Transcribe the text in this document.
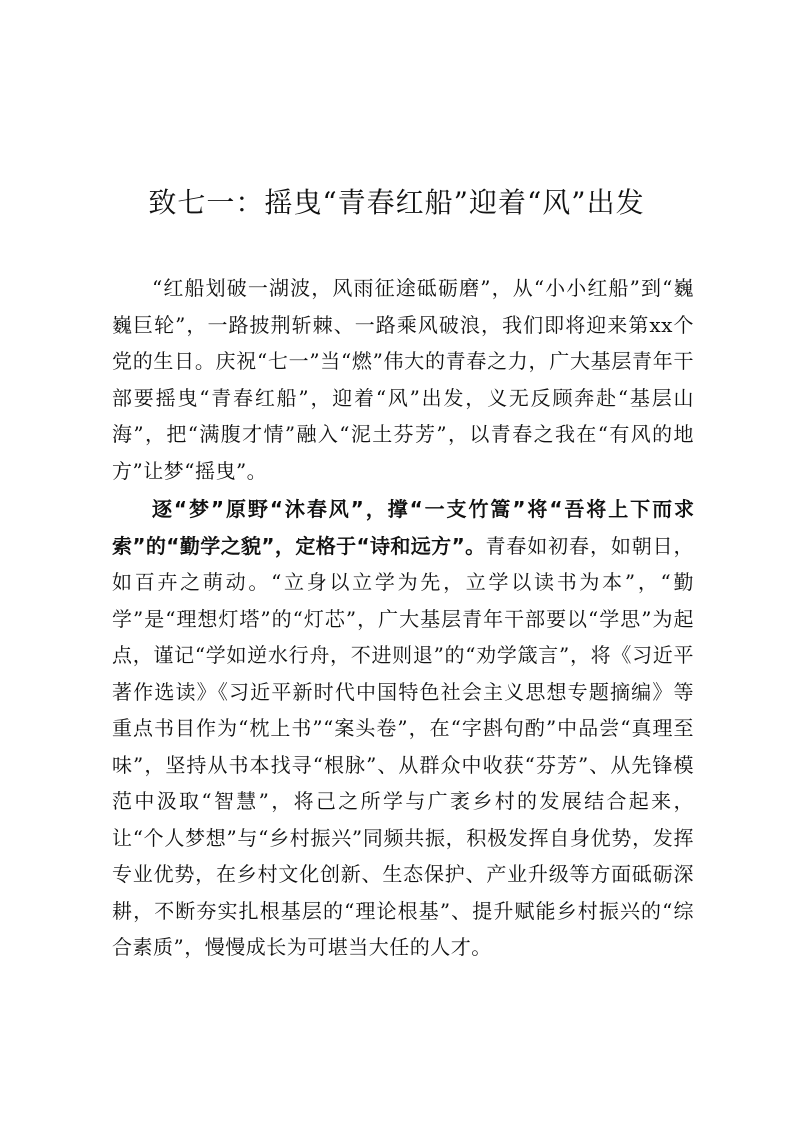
致七一：摇曳“青春红船”迎着“风”出发

“红船划破一湖波，风雨征途砥砺磨”，从“小小红船”到“巍巍巨轮”，一路披荆斩棘、一路乘风破浪，我们即将迎来第xx个党的生日。庆祝“七一”当“燃”伟大的青春之力，广大基层青年干部要摇曳“青春红船”，迎着“风”出发，义无反顾奔赴“基层山海”，把“满腹才情”融入“泥土芬芳”，以青春之我在“有风的地方”让梦“摇曳”。

逐“梦”原野“沐春风”，撑“一支竹篙”将“吾将上下而求索”的“勤学之貌”，定格于“诗和远方”。青春如初春，如朝日，如百卉之萌动。“立身以立学为先，立学以读书为本”，“勤学”是“理想灯塔”的“灯芯”，广大基层青年干部要以“学思”为起点，谨记“学如逆水行舟，不进则退”的“劝学箴言”，将《习近平著作选读》《习近平新时代中国特色社会主义思想专题摘编》等重点书目作为“枕上书”“案头卷”，在“字斟句酌”中品尝“真理至味”，坚持从书本找寻“根脉”、从群众中收获“芬芳”、从先锋模范中汲取“智慧”，将己之所学与广袤乡村的发展结合起来，让“个人梦想”与“乡村振兴”同频共振，积极发挥自身优势，发挥专业优势，在乡村文化创新、生态保护、产业升级等方面砥砺深耕，不断夯实扎根基层的“理论根基”、提升赋能乡村振兴的“综合素质”，慢慢成长为可堪当大任的人才。
